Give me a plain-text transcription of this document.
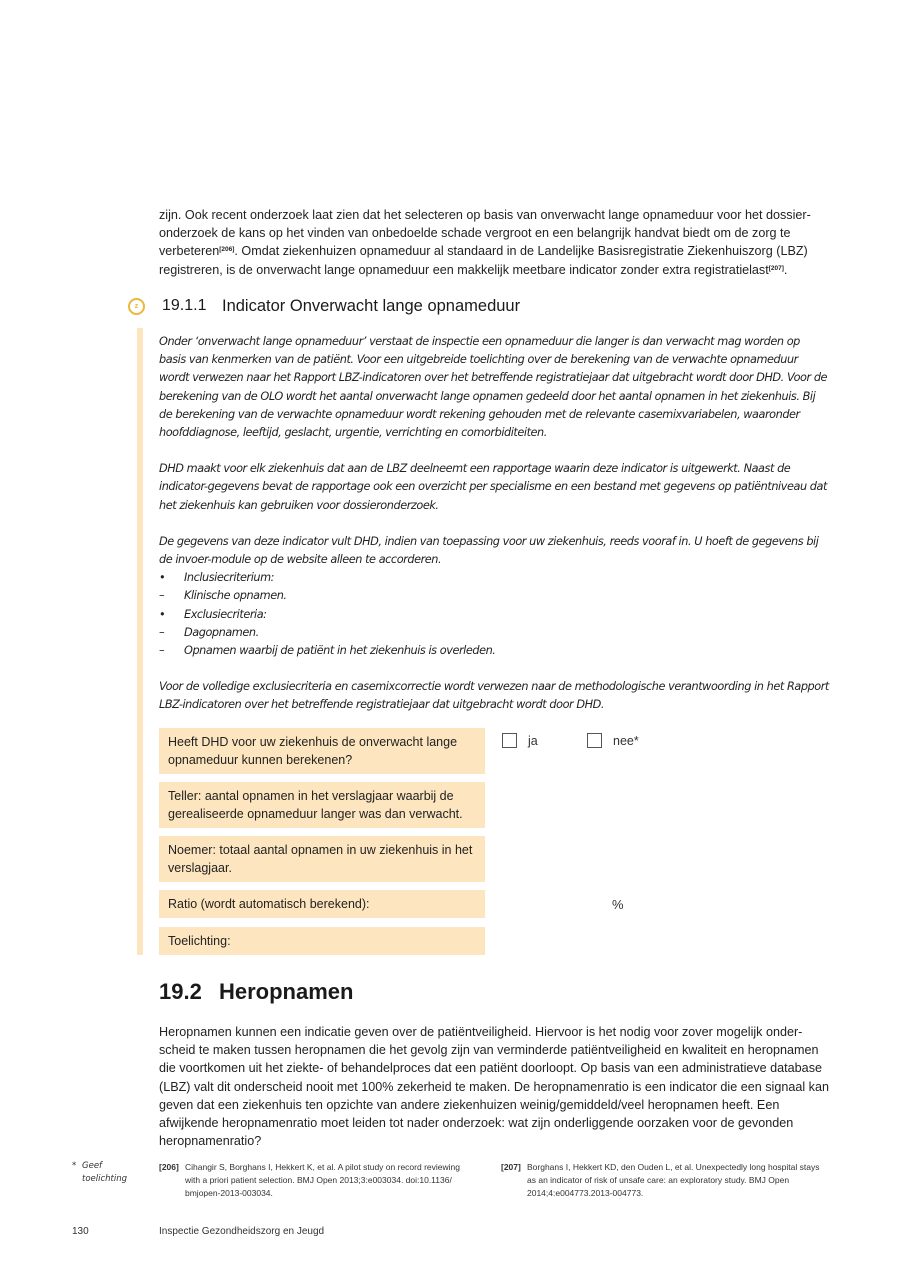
zijn. Ook recent onderzoek laat zien dat het selecteren op basis van onverwacht lange opnameduur voor het dossier-onderzoek de kans op het vinden van onbedoelde schade vergroot en een belangrijk handvat biedt om de zorg te verbeteren[206]. Omdat ziekenhuizen opnameduur al standaard in de Landelijke Basisregistratie Ziekenhuiszorg (LBZ) registreren, is de onverwacht lange opnameduur een makkelijk meetbare indicator zonder extra registratielast[207].
z	19.1.1 Indicator Onverwacht lange opnameduur

Onder ‘onverwacht lange opnameduur’ verstaat de inspectie een opnameduur die langer is dan verwacht mag worden op basis van kenmerken van de patiënt. Voor een uitgebreide toelichting over de berekening van de verwachte opnameduur wordt verwezen naar het Rapport LBZ-indicatoren over het betreffende registratiejaar dat uitgebracht wordt door DHD. Voor de berekening van de OLO wordt het aantal onverwacht lange opnamen gedeeld door het aantal opnamen in het ziekenhuis. Bij de berekening van de verwachte opnameduur wordt rekening gehouden met de relevante casemixvariabelen, waaronder hoofddiagnose, leeftijd, geslacht, urgentie, verrichting en comorbiditeiten.

DHD maakt voor elk ziekenhuis dat aan de LBZ deelneemt een rapportage waarin deze indicator is uitgewerkt. Naast de indicator-gegevens bevat de rapportage ook een overzicht per specialisme en een bestand met gegevens op patiëntniveau dat het ziekenhuis kan gebruiken voor dossieronderzoek.

De gegevens van deze indicator vult DHD, indien van toepassing voor uw ziekenhuis, reeds vooraf in. U hoeft de gegevens bij de invoer-module op de website alleen te accorderen.

•	Inclusiecriterium:
–	Klinische opnamen.
•	Exclusiecriteria:
–	Dagopnamen.
–	Opnamen waarbij de patiënt in het ziekenhuis is overleden.

Voor de volledige exclusiecriteria en casemixcorrectie wordt verwezen naar de methodologische verantwoording in het Rapport LBZ-indicatoren over het betreffende registratiejaar dat uitgebracht wordt door DHD.

Heeft DHD voor uw ziekenhuis de onverwacht lange opnameduur kunnen berekenen?
ja	nee*
Teller: aantal opnamen in het verslagjaar waarbij de gerealiseerde opnameduur langer was dan verwacht.
Noemer: totaal aantal opnamen in uw ziekenhuis in het verslagjaar.
Ratio (wordt automatisch berekend):	%
Toelichting:
19.2 Heropnamen
Heropnamen kunnen een indicatie geven over de patiëntveiligheid. Hiervoor is het nodig voor zover mogelijk onder-scheid te maken tussen heropnamen die het gevolg zijn van verminderde patiëntveiligheid en kwaliteit en heropnamen die voortkomen uit het ziekte- of behandelproces dat een patiënt doorloopt. Op basis van een administratieve database (LBZ) valt dit onderscheid nooit met 100% zekerheid te maken. De heropnamenratio is een indicator die een signaal kan geven dat een ziekenhuis ten opzichte van andere ziekenhuizen weinig/gemiddeld/veel heropnamen heeft. Een afwijkende heropnamenratio moet leiden tot nader onderzoek: wat zijn onderliggende oorzaken voor de gevonden heropnamenratio?
* Geef toelichting
[206] Cihangir S, Borghans I, Hekkert K, et al. A pilot study on record reviewing with a priori patient selection. BMJ Open 2013;3:e003034. doi:10.1136/ bmjopen-2013-003034.
[207] Borghans I, Hekkert KD, den Ouden L, et al. Unexpectedly long hospital stays as an indicator of risk of unsafe care: an exploratory study. BMJ Open 2014;4:e004773.2013-004773.
130	Inspectie Gezondheidszorg en Jeugd
